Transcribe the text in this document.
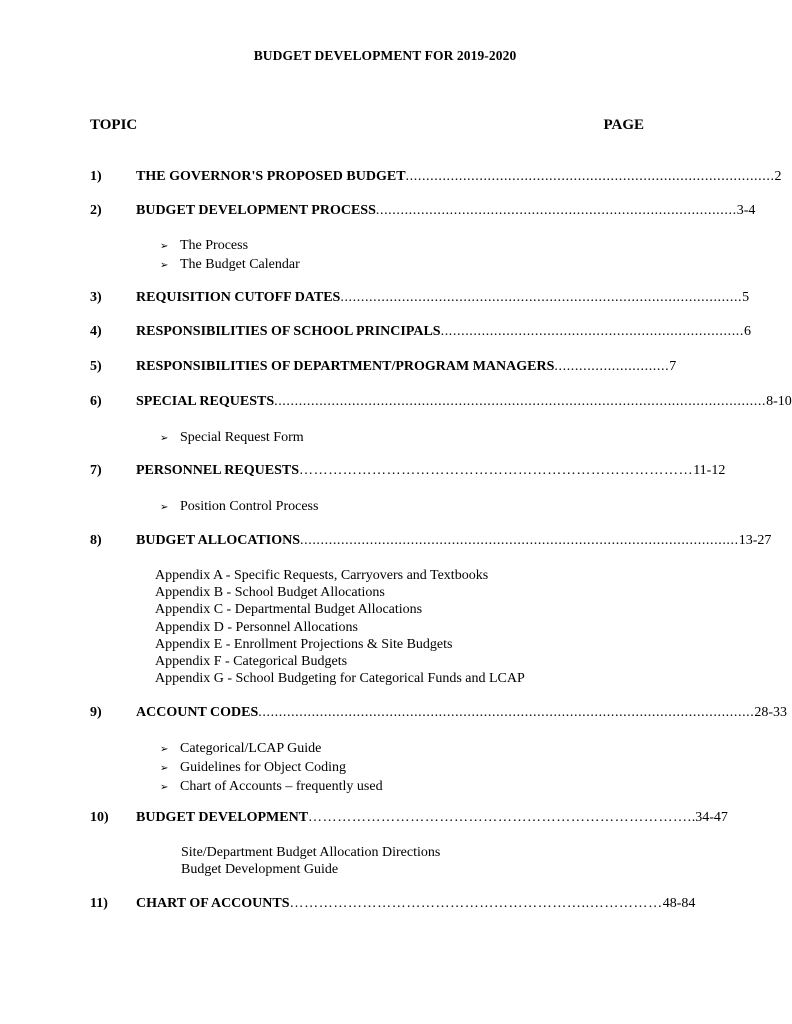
BUDGET DEVELOPMENT FOR 2019-2020
TOPIC	PAGE
1)	THE GOVERNOR'S PROPOSED BUDGET .......................................................................................... 2
2)	BUDGET DEVELOPMENT PROCESS ........................................................................................ 3-4
➢ The Process
➢ The Budget Calendar
3)	REQUISITION CUTOFF DATES .................................................................................................. 5
4)	RESPONSIBILITIES OF SCHOOL PRINCIPALS .......................................................................... 6
5)	RESPONSIBILITIES OF DEPARTMENT/PROGRAM MANAGERS ............................ 7
6)	SPECIAL REQUESTS ........................................................................................................................ 8-10
➢ Special Request Form
7)	PERSONNEL REQUESTS ……………………………………………………………………… 11-12
➢ Position Control Process
8)	BUDGET ALLOCATIONS ........................................................................................................... 13-27
Appendix A - Specific Requests, Carryovers and Textbooks
Appendix B - School Budget Allocations
Appendix C - Departmental Budget Allocations
Appendix D - Personnel Allocations
Appendix E - Enrollment Projections & Site Budgets
Appendix F - Categorical Budgets
Appendix G - School Budgeting for Categorical Funds and LCAP
9)	ACCOUNT CODES ......................................................................................................................... 28-33
➢ Categorical/LCAP Guide
➢ Guidelines for Object Coding
➢ Chart of Accounts – frequently used
10)	BUDGET DEVELOPMENT ……………………………………………………………………. .34-47
Site/Department Budget Allocation Directions
Budget Development Guide
11)	CHART OF ACCOUNTS ……………………………………………………..…………… 48-84
